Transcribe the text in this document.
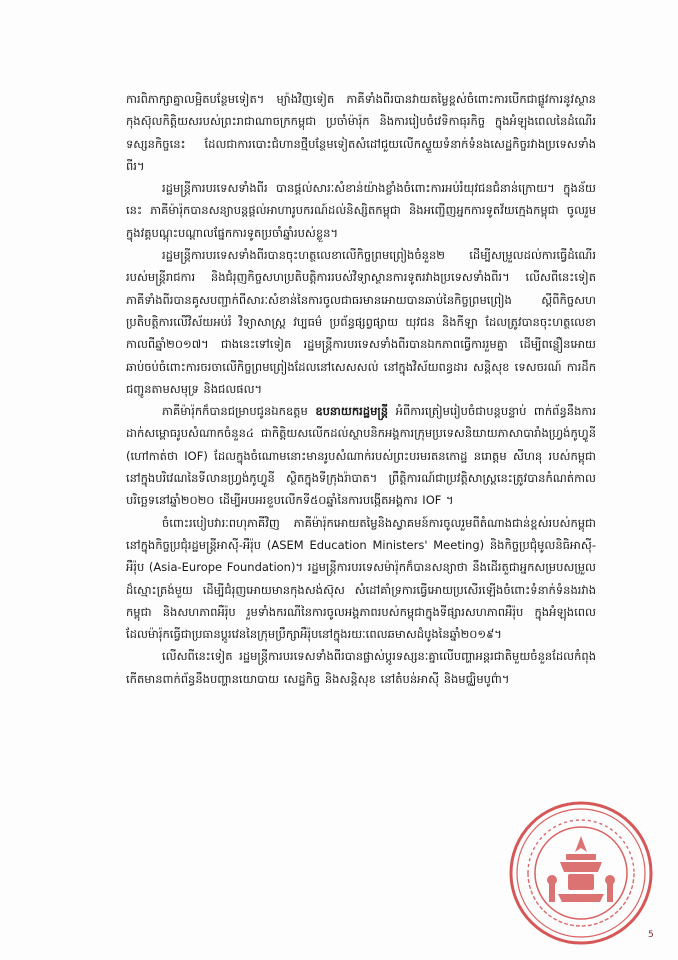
ការពិភាក្សាគ្នាលម្អិតបន្ថែមទៀត។ ម្យ៉ាងវិញទៀត ភាគីទាំងពីរបានវាយតម្លៃខ្ពស់ចំពោះការបើកជាផ្លូវការនូវស្ថានកុងស៊ុលកិត្តិយសរបស់ព្រះរាជាណាចក្រកម្ពុជា ប្រចាំម៉ារ៉ុក និងការរៀបចំវេទិកាធុរកិច្ច ក្នុងអំឡុងពេលនៃដំណើរទស្សនកិច្ចនេះ ដែលជាការបោះជំហានថ្មីបន្ថែមទៀតសំដៅជួយលើកស្ទួយទំនាក់ទំនងសេដ្ឋកិច្ចរវាងប្រទេសទាំងពីរ។

រដ្ឋមន្ត្រីការបរទេសទាំងពីរ បានផ្តល់សារៈសំខាន់យ៉ាងខ្លាំងចំពោះការអប់រំយុវជនជំនាន់ក្រោយ។ ក្នុងន័យនេះ ភាគីម៉ារ៉ុកបានសន្យាបន្តផ្តល់អាហារូបករណ៍ដល់និស្សិតកម្ពុជា និងអញ្ជើញអ្នកការទូតវ័យក្មេងកម្ពុជា ចូលរួមក្នុងវគ្គបណ្តុះបណ្តាលផ្នែកការទូតប្រចាំឆ្នាំរបស់ខ្លួន។

រដ្ឋមន្ត្រីការបរទេសទាំងពីរបានចុះហត្ថលេខាលើកិច្ចព្រមព្រៀងចំនួន២ ដើម្បីសម្រួលដល់ការធ្វើដំណើររបស់មន្ត្រីរាជការ និងជំរុញកិច្ចសហប្រតិបត្តិការរបស់វិទ្យាស្ថានការទូតរវាងប្រទេសទាំងពីរ។ លើសពីនេះទៀត ភាគីទាំងពីរបានគូសបញ្ជាក់ពីសារៈសំខាន់នៃការចូលជាធរមានអោយបានឆាប់នៃកិច្ចព្រមព្រៀង ស្តីពីកិច្ចសហប្រតិបត្តិការលើវិស័យអប់រំ វិទ្យាសាស្ត្រ វប្បធម៌ ប្រព័ន្ធផ្សព្វផ្សាយ យុវជន និងកីឡា ដែលត្រូវបានចុះហត្ថលេខាកាលពីឆ្នាំ២០១៧។ ជាងនេះទៅទៀត រដ្ឋមន្ត្រីការបរទេសទាំងពីរបានឯកភាពធ្វើការរួមគ្នា ដើម្បីពន្លឿនអោយឆាប់ចប់ចំពោះការចរចាលើកិច្ចព្រមព្រៀងដែលនៅសេសសល់ នៅក្នុងវិស័យពន្ធដារ សន្តិសុខ ទេសចរណ៍ ការដឹកជញ្ជូនតាមសមុទ្រ និងជលផល។

ភាគីម៉ារ៉ុកក៏បានជម្រាបជូនឯកឧត្តម ឧបនាយករដ្ឋមន្ត្រី អំពីការត្រៀមរៀបចំជាបន្តបន្ទាប់ ពាក់ព័ន្ធនឹងការដាក់សម្ពោធរូបសំណាកចំនួន៤ ជាកិត្តិយសលើកដល់ស្ថាបនិកអង្គការក្រុមប្រទេសនិយាយភាសាបារាំងហ្វ្រង់កូហ្វូនី (ហៅកាត់ថា IOF) ដែលក្នុងចំណោមនោះមានរូបសំណាក់របស់ព្រះបរមរតនកោដ្ឋ នរោត្តម សីហនុ របស់កម្ពុជា នៅក្នុងបរិវេណនៃទីលានហ្វ្រង់កូហ្វូនី ស្ថិតក្នុងទីក្រុងរ៉ាបាត។ ព្រឹត្តិការណ៍ជាប្រវត្តិសាស្ត្រនេះត្រូវបានកំណត់កាលបរិច្ឆេទនៅឆ្នាំ២០២០ ដើម្បីអបអរខួបលើកទី៥០ឆ្នាំនៃការបង្កើតអង្គការ IOF ។

ចំពោះរបៀបវារៈពហុភាគីវិញ ភាគីម៉ារ៉ុកអោយតម្លៃនិងស្វាគមន៍ការចូលរួមពីតំណាងជាន់ខ្ពស់របស់កម្ពុជានៅក្នុងកិច្ចប្រជុំរដ្ឋមន្ត្រីអាស៊ី-អឺរ៉ុប (ASEM Education Ministers' Meeting) និងកិច្ចប្រជុំមូលនិធិអាស៊ី-អឺរ៉ុប (Asia-Europe Foundation)។ រដ្ឋមន្ត្រីការបរទេសម៉ារ៉ុកក៏បានសន្យាថា នឹងដើរតួជាអ្នកសម្របសម្រួលដ៏ស្មោះត្រង់មួយ ដើម្បីជំរុញអោយមានកុងសង់ស៊ុស សំដៅគាំទ្រការធ្វើអោយប្រសើរឡើងចំពោះទំនាក់ទំនងរវាងកម្ពុជា និងសហភាពអឺរ៉ុប រួមទាំងករណីនៃការចូលអង្គភាពរបស់កម្ពុជាក្នុងទីផ្សារសហភាពអឺរ៉ុប ក្នុងអំឡុងពេលដែលម៉ារ៉ុកធ្វើជាប្រធានប្តូរវេននៃក្រុមប្រឹក្សាអឺរ៉ុបនៅក្នុងរយៈពេលឆមាសដំបូងនៃឆ្នាំ២០១៩។

លើសពីនេះទៀត រដ្ឋមន្ត្រីការបរទេសទាំងពីរបានផ្លាស់ប្តូរទស្សនៈគ្នាលើបញ្ហាអន្តរជាតិមួយចំនួនដែលកំពុងកើតមានពាក់ព័ន្ធនឹងបញ្ហានយោបាយ សេដ្ឋកិច្ច និងសន្តិសុខ នៅតំបន់អាស៊ី និងមជ្ឈិមបូព៌ា។

5
